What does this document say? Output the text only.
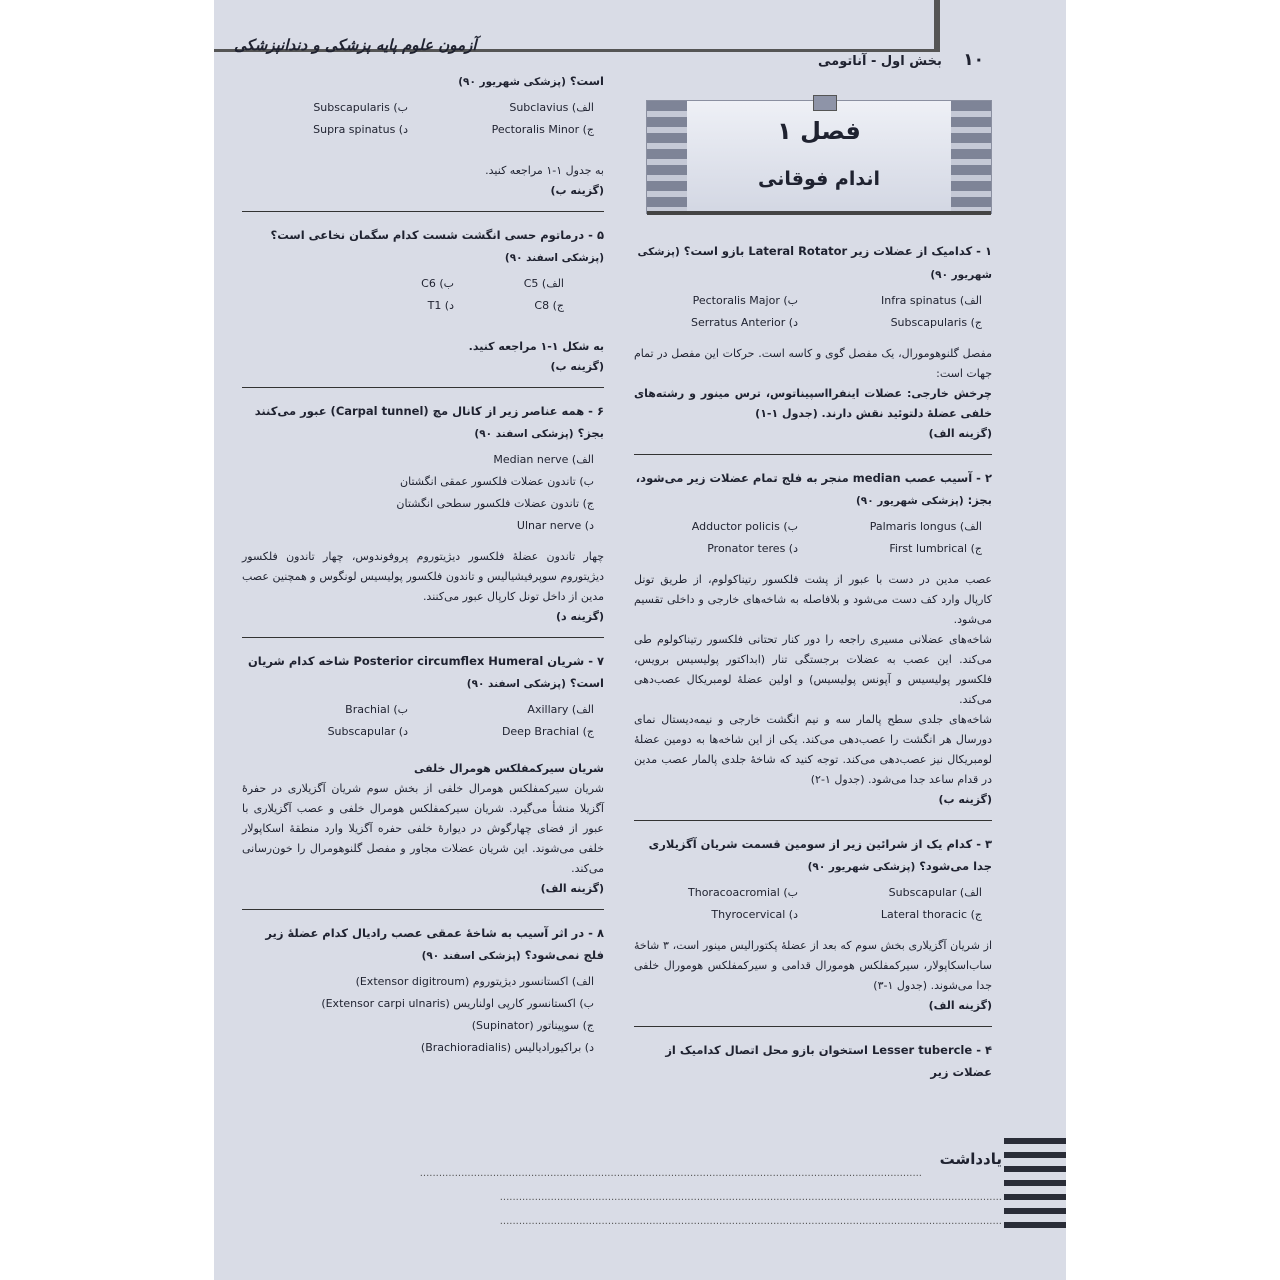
آزمون علوم پایه پزشکی و دندانپزشکی
بخش اول - آناتومی ۱۰
فصل ۱
اندام فوقانی
۱ - کدامیک از عضلات زیر Lateral Rotator بازو است؟ (پزشکی شهریور ۹۰)
الف) Infra spinatus
ب) Pectoralis Major
ج) Subscapularis
د) Serratus Anterior
مفصل گلنوهومورال، یک مفصل گوی و کاسه است. حرکات این مفصل در تمام جهات است:
چرخش خارجی: عضلات اینفرااسپیناتوس، ترس مینور و رشته‌های خلفی عضلهٔ دلتوئید نقش دارند. (جدول ۱-۱)
(گزینه الف)
۲ - آسیب عصب median منجر به فلج تمام عضلات زیر می‌شود، بجز: (پزشکی شهریور ۹۰)
الف) Palmaris longus
ب) Adductor policis
ج) First lumbrical
د) Pronator teres
عصب مدین در دست با عبور از پشت فلکسور رتیناکولوم، از طریق تونل کارپال وارد کف دست می‌شود و بلافاصله به شاخه‌های خارجی و داخلی تقسیم می‌شود.
شاخه‌های عضلانی مسیری راجعه را دور کنار تحتانی فلکسور رتیناکولوم طی می‌کند. این عصب به عضلات برجستگی تنار (ابداکتور پولیسیس برویس، فلکسور پولیسیس و آپونس پولیسیس) و اولین عضلهٔ لومبریکال عصب‌دهی می‌کند.
شاخه‌های جلدی سطح پالمار سه و نیم انگشت خارجی و نیمه‌دیستال نمای دورسال هر انگشت را عصب‌دهی می‌کند. یکی از این شاخه‌ها به دومین عضلهٔ لومبریکال نیز عصب‌دهی می‌کند. توجه کنید که شاخهٔ جلدی پالمار عصب مدین در قدام ساعد جدا می‌شود. (جدول ۱-۲)
(گزینه ب)
۳ - کدام یک از شرائین زیر از سومین قسمت شریان آگزیلاری جدا می‌شود؟ (پزشکی شهریور ۹۰)
الف) Subscapular
ب) Thoracoacromial
ج) Lateral thoracic
د) Thyrocervical
از شریان آگزیلاری بخش سوم که بعد از عضلهٔ پکتورالیس مینور است، ۳ شاخهٔ ساب‌اسکاپولار، سیرکمفلکس هومورال قدامی و سیرکمفلکس هومورال خلفی جدا می‌شوند. (جدول ۱-۳)
(گزینه الف)
۴ - Lesser tubercle استخوان بازو محل اتصال کدامیک از عضلات زیر
است؟ (پزشکی شهریور ۹۰)
الف) Subclavius
ب) Subscapularis
ج) Pectoralis Minor
د) Supra spinatus
به جدول ۱-۱ مراجعه کنید.
(گزینه ب)
۵ - درماتوم حسی انگشت شست کدام سگمان نخاعی است؟ (پزشکی اسفند ۹۰)
الف) C5
ب) C6
ج) C8
د) T1
به شکل ۱-۱ مراجعه کنید.
(گزینه ب)
۶ - همه عناصر زیر از کانال مچ (Carpal tunnel) عبور می‌کنند بجز؟ (پزشکی اسفند ۹۰)
الف) Median nerve
ب) تاندون عضلات فلکسور عمقی انگشتان
ج) تاندون عضلات فلکسور سطحی انگشتان
د) Ulnar nerve
چهار تاندون عضلهٔ فلکسور دیژیتوروم پروفوندوس، چهار تاندون فلکسور دیژیتوروم سوپرفیشیالیس و تاندون فلکسور پولیسیس لونگوس و همچنین عصب مدین از داخل تونل کارپال عبور می‌کنند.
(گزینه د)
۷ - شریان Posterior circumflex Humeral شاخه کدام شریان است؟ (پزشکی اسفند ۹۰)
الف) Axillary
ب) Brachial
ج) Deep Brachial
د) Subscapular
شریان سیرکمفلکس هومرال خلفی
شریان سیرکمفلکس هومرال خلفی از بخش سوم شریان آگزیلاری در حفرهٔ آگزیلا منشأ می‌گیرد. شریان سیرکمفلکس هومرال خلفی و عصب آگزیلاری با عبور از فضای چهارگوش در دیوارهٔ خلفی حفره آگزیلا وارد منطقهٔ اسکاپولار خلفی می‌شوند. این شریان عضلات مجاور و مفصل گلنوهومرال را خون‌رسانی می‌کند.
(گزینه الف)
۸ - در اثر آسیب به شاخهٔ عمقی عصب رادیال کدام عضلهٔ زیر فلج نمی‌شود؟ (پزشکی اسفند ۹۰)
الف) اکستانسور دیژیتوروم (Extensor digitroum)
ب) اکستانسور کارپی اولناریس (Extensor carpi ulnaris)
ج) سوپیناتور (Supinator)
د) براکیورادیالیس (Brachioradialis)
یادداشت
..............................................................................................................................................................
..............................................................................................................................................................
..............................................................................................................................................................
